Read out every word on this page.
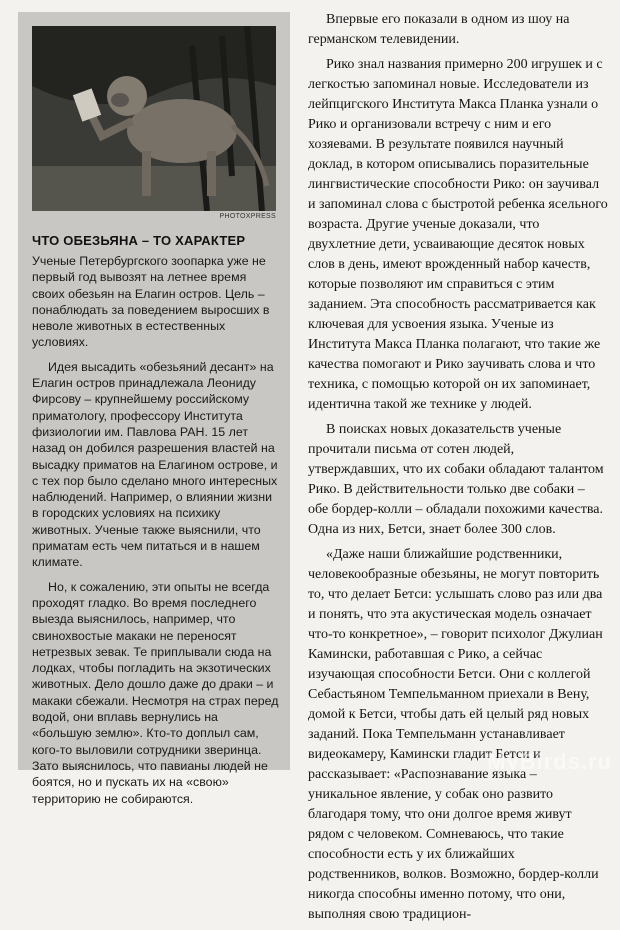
PHOTOXPRESS
ЧТО ОБЕЗЬЯНА – ТО ХАРАКТЕР

Ученые Петербургского зоопарка уже не первый год вывозят на летнее время своих обезьян на Елагин остров. Цель – понаблюдать за поведением выросших в неволе животных в естественных условиях.

Идея высадить «обезьяний десант» на Елагин остров принадлежала Леониду Фирсову – крупнейшему российскому приматологу, профессору Института физиологии им. Павлова РАН. 15 лет назад он добился разрешения властей на высадку приматов на Елагином острове, и с тех пор было сделано много интересных наблюдений. Например, о влиянии жизни в городских условиях на психику животных. Ученые также выяснили, что приматам есть чем питаться и в нашем климате.

Но, к сожалению, эти опыты не всегда проходят гладко. Во время последнего выезда выяснилось, например, что свинохвостые макаки не переносят нетрезвых зевак. Те приплывали сюда на лодках, чтобы погладить на экзотических животных. Дело дошло даже до драки – и макаки сбежали. Несмотря на страх перед водой, они вплавь вернулись на «большую землю». Кто-то доплыл сам, кого-то выловили сотрудники зверинца. Зато выяснилось, что павианы людей не боятся, но и пускать их на «свою» территорию не собираются.

Впервые его показали в одном из шоу на германском телевидении.

Рико знал названия примерно 200 игрушек и с легкостью запоминал новые. Исследователи из лейпцигского Института Макса Планка узнали о Рико и организовали встречу с ним и его хозяевами. В результате появился научный доклад, в котором описывались поразительные лингвистические способности Рико: он заучивал и запоминал слова с быстротой ребенка ясельного возраста. Другие ученые доказали, что двухлетние дети, усваивающие десяток новых слов в день, имеют врожденный набор качеств, которые позволяют им справиться с этим заданием. Эта способность рассматривается как ключевая для усвоения языка. Ученые из Института Макса Планка полагают, что такие же качества помогают и Рико заучивать слова и что техника, с помощью которой он их запоминает, идентична такой же технике у людей.

В поисках новых доказательств ученые прочитали письма от сотен людей, утверждавших, что их собаки обладают талантом Рико. В действительности только две собаки – обе бордер-колли – обладали похожими качества. Одна из них, Бетси, знает более 300 слов.

«Даже наши ближайшие родственники, человекообразные обезьяны, не могут повторить то, что делает Бетси: услышать слово раз или два и понять, что эта акустическая модель означает что-то конкретное», – говорит психолог Джулиан Камински, работавшая с Рико, а сейчас изучающая способности Бетси. Они с коллегой Себастьяном Темпельманном приехали в Вену, домой к Бетси, чтобы дать ей целый ряд новых заданий. Пока Темпельманн устанавливает видеокамеру, Камински гладит Бетси и рассказывает: «Распознавание языка – уникальное явление, у собак оно развито благодаря тому, что они долгое время живут рядом с человеком. Сомневаюсь, что такие способности есть у их ближайших родственников, волков. Возможно, бордер-колли никогда способны именно потому, что они, выполняя свою традицион-

MyBirds.ru
